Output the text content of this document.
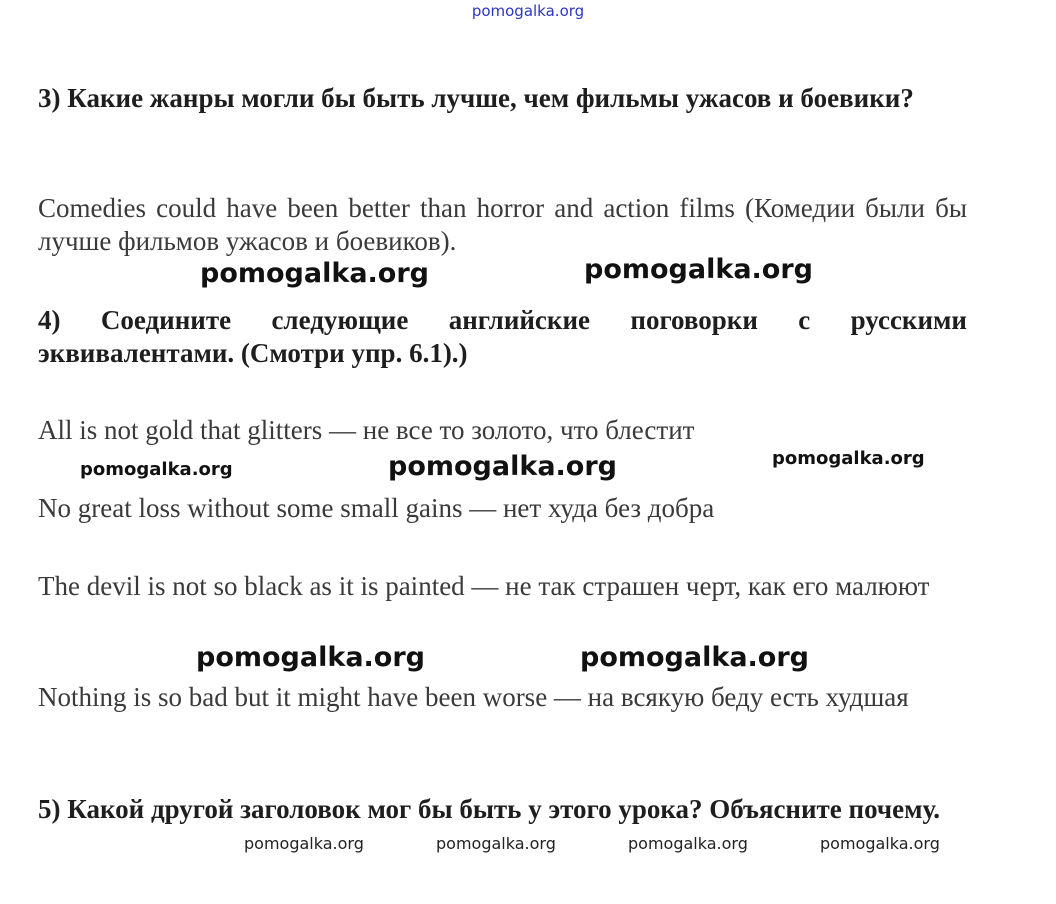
pomogalka.org

3) Какие жанры могли бы быть лучше, чем фильмы ужасов и боевики?

Comedies could have been better than horror and action films (Комедии были бы лучше фильмов ужасов и боевиков).

4) Соедините следующие английские поговорки с русскими эквивалентами. (Смотри упр. 6.1).)

All is not gold that glitters — не все то золото, что блестит

No great loss without some small gains — нет худа без добра

The devil is not so black as it is painted — не так страшен черт, как его малюют

Nothing is so bad but it might have been worse — на всякую беду есть худшая

5) Какой другой заголовок мог бы быть у этого урока? Объясните почему.

pomogalka.org	pomogalka.org
pomogalka.org	pomogalka.org	pomogalka.org
pomogalka.org	pomogalka.org
pomogalka.org	pomogalka.org	pomogalka.org	pomogalka.org
